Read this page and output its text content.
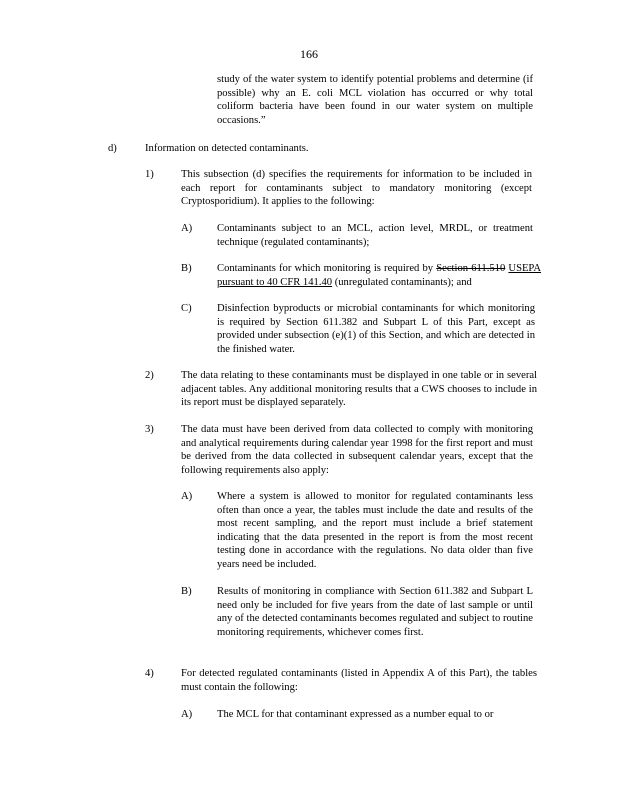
166
study of the water system to identify potential problems and determine (if possible) why an E. coli MCL violation has occurred or why total coliform bacteria have been found in our water system on multiple occasions.”
d)	Information on detected contaminants.
1)	This subsection (d) specifies the requirements for information to be included in each report for contaminants subject to mandatory monitoring (except Cryptosporidium). It applies to the following:
A) Contaminants subject to an MCL, action level, MRDL, or treatment technique (regulated contaminants);
B) Contaminants for which monitoring is required by Section 611.510 USEPA pursuant to 40 CFR 141.40 (unregulated contaminants); and
C) Disinfection byproducts or microbial contaminants for which monitoring is required by Section 611.382 and Subpart L of this Part, except as provided under subsection (e)(1) of this Section, and which are detected in the finished water.
2)	The data relating to these contaminants must be displayed in one table or in several adjacent tables. Any additional monitoring results that a CWS chooses to include in its report must be displayed separately.
3)	The data must have been derived from data collected to comply with monitoring and analytical requirements during calendar year 1998 for the first report and must be derived from the data collected in subsequent calendar years, except that the following requirements also apply:
A) Where a system is allowed to monitor for regulated contaminants less often than once a year, the tables must include the date and results of the most recent sampling, and the report must include a brief statement indicating that the data presented in the report is from the most recent testing done in accordance with the regulations. No data older than five years need be included.
B) Results of monitoring in compliance with Section 611.382 and Subpart L need only be included for five years from the date of last sample or until any of the detected contaminants becomes regulated and subject to routine monitoring requirements, whichever comes first.
4)	For detected regulated contaminants (listed in Appendix A of this Part), the tables must contain the following:
A) The MCL for that contaminant expressed as a number equal to or
